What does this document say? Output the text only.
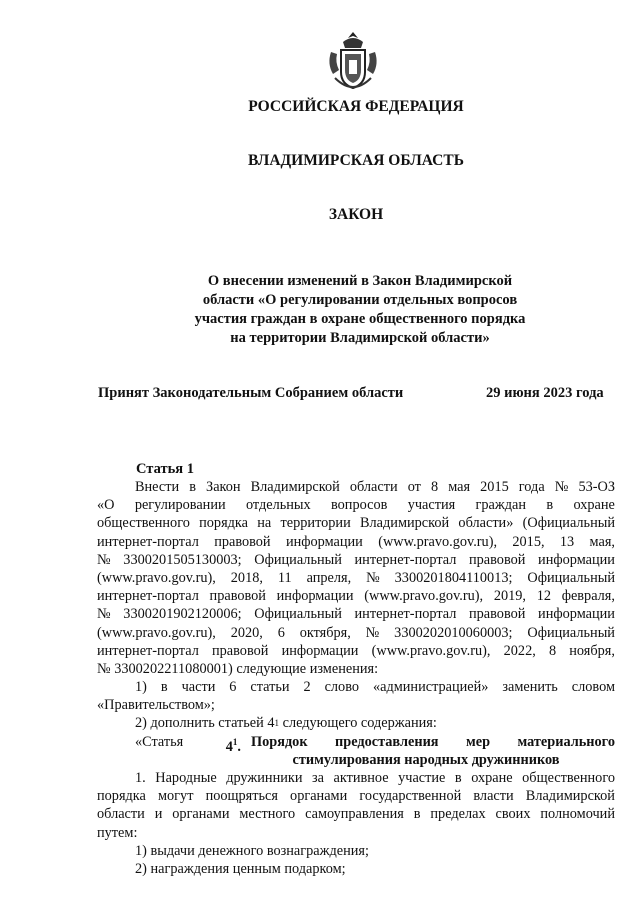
РОССИЙСКАЯ ФЕДЕРАЦИЯ
ВЛАДИМИРСКАЯ ОБЛАСТЬ
ЗАКОН
О внесении изменений в Закон Владимирской
области «О регулировании отдельных вопросов
участия граждан в охране общественного порядка
на территории Владимирской области»
Принят Законодательным Собранием области	29 июня 2023 года
Статья 1
Внести в Закон Владимирской области от 8 мая 2015 года № 53-ОЗ
«О регулировании отдельных вопросов участия граждан в охране
общественного порядка на территории Владимирской области» (Официальный
интернет-портал правовой информации (www.pravo.gov.ru), 2015, 13 мая,
№ 3300201505130003; Официальный интернет-портал правовой информации
(www.pravo.gov.ru), 2018, 11 апреля, № 3300201804110013; Официальный
интернет-портал правовой информации (www.pravo.gov.ru), 2019, 12 февраля,
№ 3300201902120006; Официальный интернет-портал правовой информации
(www.pravo.gov.ru), 2020, 6 октября, № 3300202010060003; Официальный
интернет-портал правовой информации (www.pravo.gov.ru), 2022, 8 ноября,
№ 3300202211080001) следующие изменения:
1) в части 6 статьи 2 слово «администрацией» заменить словом
«Правительством»;
2) дополнить статьей 4 1 следующего содержания:
«Статья	$4^1$. Порядок предоставления мер материального
стимулирования народных дружинников
1. Народные дружинники за активное участие в охране общественного
порядка могут поощряться органами государственной власти Владимирской
области и органами местного самоуправления в пределах своих полномочий
путем:
1) выдачи денежного вознаграждения;
2) награждения ценным подарком;
